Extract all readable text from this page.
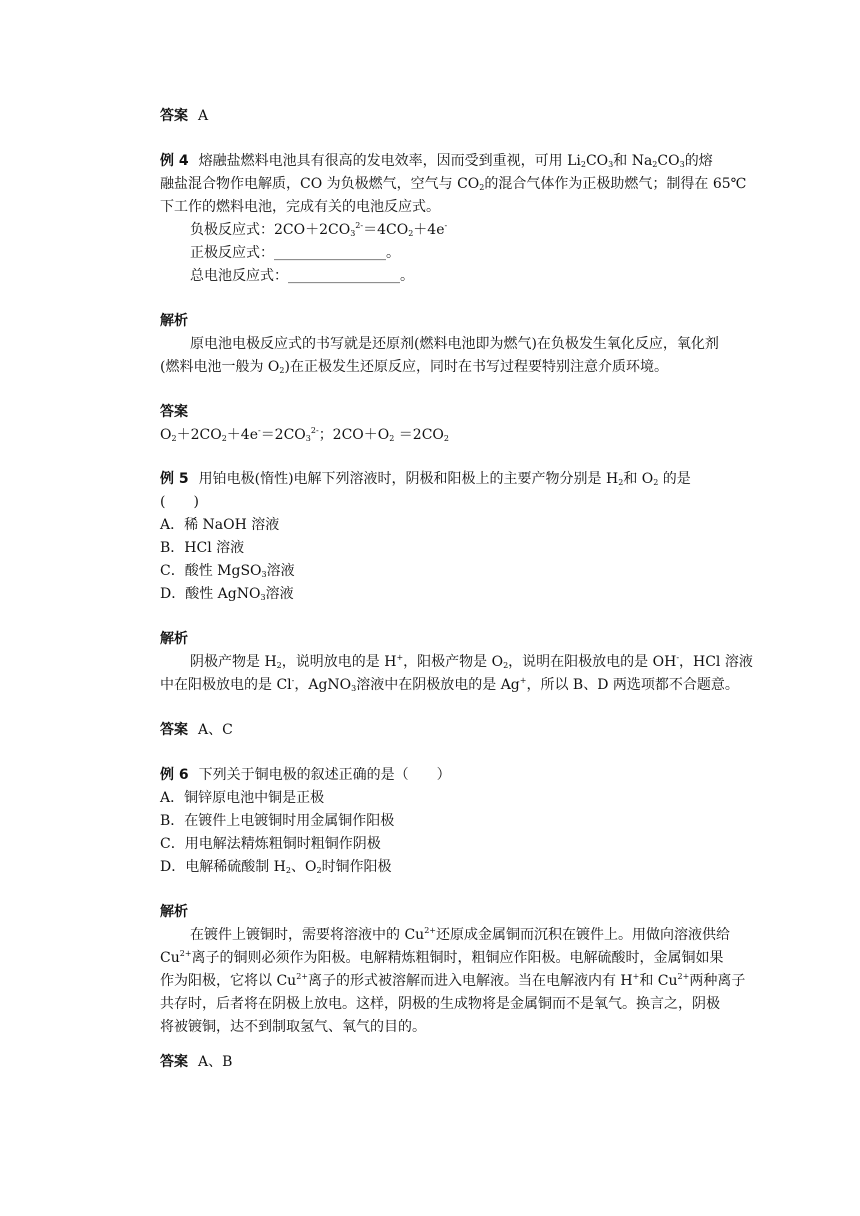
答案 A
例 4 熔融盐燃料电池具有很高的发电效率，因而受到重视，可用 $Li_2CO_3$和 $Na_2CO_3$的熔
融盐混合物作电解质，CO 为负极燃气，空气与 $CO_2$的混合气体作为正极助燃气；制得在 65℃
下工作的燃料电池，完成有关的电池反应式。
负极反应式：$2CO+2CO_3^{2-}=4CO_2+4e^-$
正极反应式：________________。
总电池反应式：________________。
解析
原电池电极反应式的书写就是还原剂(燃料电池即为燃气)在负极发生氧化反应，氧化剂
(燃料电池一般为 $O_2$)在正极发生还原反应，同时在书写过程要特别注意介质环境。
答案
$O_2+2CO_2+4e^-=2CO_3^{2-}$；$2CO+O_2 =2CO_2$
例 5 用铂电极(惰性)电解下列溶液时，阴极和阳极上的主要产物分别是 $H_2$和 $O_2$ 的是
(　　)
A．稀 NaOH 溶液
B．HCl 溶液
C．酸性 MgSO$_3$溶液
D．酸性 AgNO$_3$溶液
解析
阴极产物是 $H_2$，说明放电的是 H+，阳极产物是 $O_2$，说明在阳极放电的是 OH-，HCl 溶液
中在阳极放电的是 Cl-，AgNO$_3$溶液中在阴极放电的是 Ag+，所以 B、D 两选项都不合题意。
答案 A、C
例 6 下列关于铜电极的叙述正确的是（　　）
A．铜锌原电池中铜是正极
B．在镀件上电镀铜时用金属铜作阳极
C．用电解法精炼粗铜时粗铜作阴极
D．电解稀硫酸制 $H_2$、$O_2$时铜作阳极
解析
在镀件上镀铜时，需要将溶液中的 $Cu^{2+}$还原成金属铜而沉积在镀件上。用做向溶液供给
$Cu^{2+}$离子的铜则必须作为阳极。电解精炼粗铜时，粗铜应作阳极。电解硫酸时，金属铜如果
作为阳极，它将以 $Cu^{2+}$离子的形式被溶解而进入电解液。当在电解液内有 H+和 $Cu^{2+}$两种离子
共存时，后者将在阴极上放电。这样，阴极的生成物将是金属铜而不是氧气。换言之，阴极
将被镀铜，达不到制取氢气、氧气的目的。
答案 A、B
